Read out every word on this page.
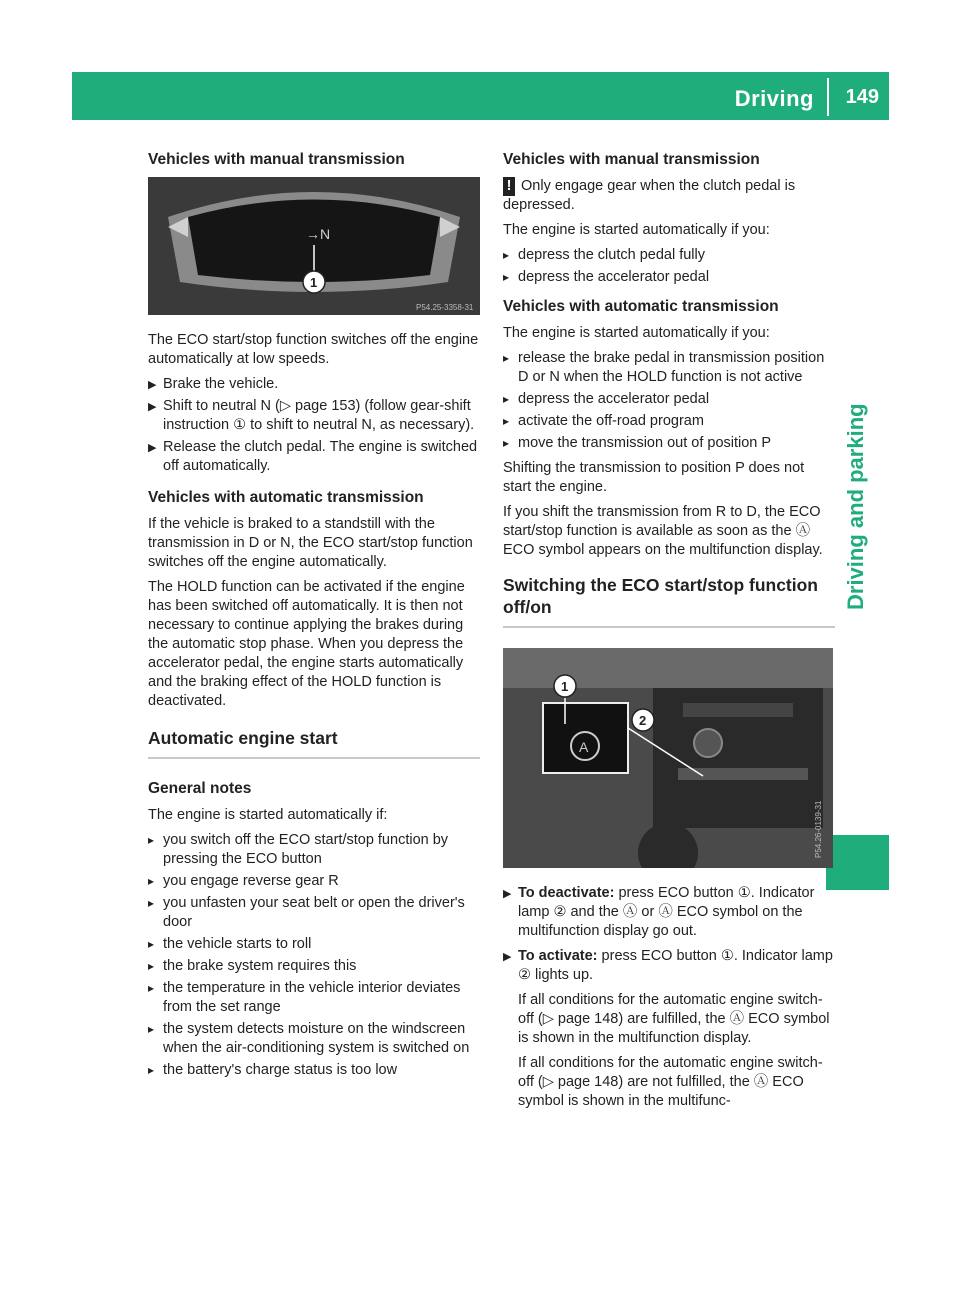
Driving 149
Driving and parking
Vehicles with manual transmission
→N
1
P54.25-3358-31

The ECO start/stop function switches off the engine automatically at low speeds.

▶ Brake the vehicle.
▶ Shift to neutral N (▷ page 153) (follow gear-shift instruction ① to shift to neutral N, as necessary).
▶ Release the clutch pedal. The engine is switched off automatically.
Vehicles with automatic transmission

If the vehicle is braked to a standstill with the transmission in D or N, the ECO start/stop function switches off the engine automatically.

The HOLD function can be activated if the engine has been switched off automatically. It is then not necessary to continue applying the brakes during the automatic stop phase. When you depress the accelerator pedal, the engine starts automatically and the braking effect of the HOLD function is deactivated.

Automatic engine start
General notes

The engine is started automatically if:

▸ you switch off the ECO start/stop function by pressing the ECO button
▸ you engage reverse gear R
▸ you unfasten your seat belt or open the driver's door
▸ the vehicle starts to roll
▸ the brake system requires this
▸ the temperature in the vehicle interior deviates from the set range
▸ the system detects moisture on the windscreen when the air-conditioning system is switched on
▸ the battery's charge status is too low
Vehicles with manual transmission

! Only engage gear when the clutch pedal is depressed.

The engine is started automatically if you:

▸ depress the clutch pedal fully
▸ depress the accelerator pedal
Vehicles with automatic transmission

The engine is started automatically if you:

▸ release the brake pedal in transmission position D or N when the HOLD function is not active
▸ depress the accelerator pedal
▸ activate the off-road program
▸ move the transmission out of position P

Shifting the transmission to position P does not start the engine.

If you shift the transmission from R to D, the ECO start/stop function is available as soon as the Ⓐ ECO symbol appears on the multifunction display.

Switching the ECO start/stop function off/on
A
1
2
P54.26-0139-31
▶ To deactivate: press ECO button ①. Indicator lamp ② and the Ⓐ or Ⓐ ECO symbol on the multifunction display go out.
▶ To activate: press ECO button ①. Indicator lamp ② lights up.

If all conditions for the automatic engine switch-off (▷ page 148) are fulfilled, the Ⓐ ECO symbol is shown in the multifunction display.

If all conditions for the automatic engine switch-off (▷ page 148) are not fulfilled, the Ⓐ ECO symbol is shown in the multifunc-
